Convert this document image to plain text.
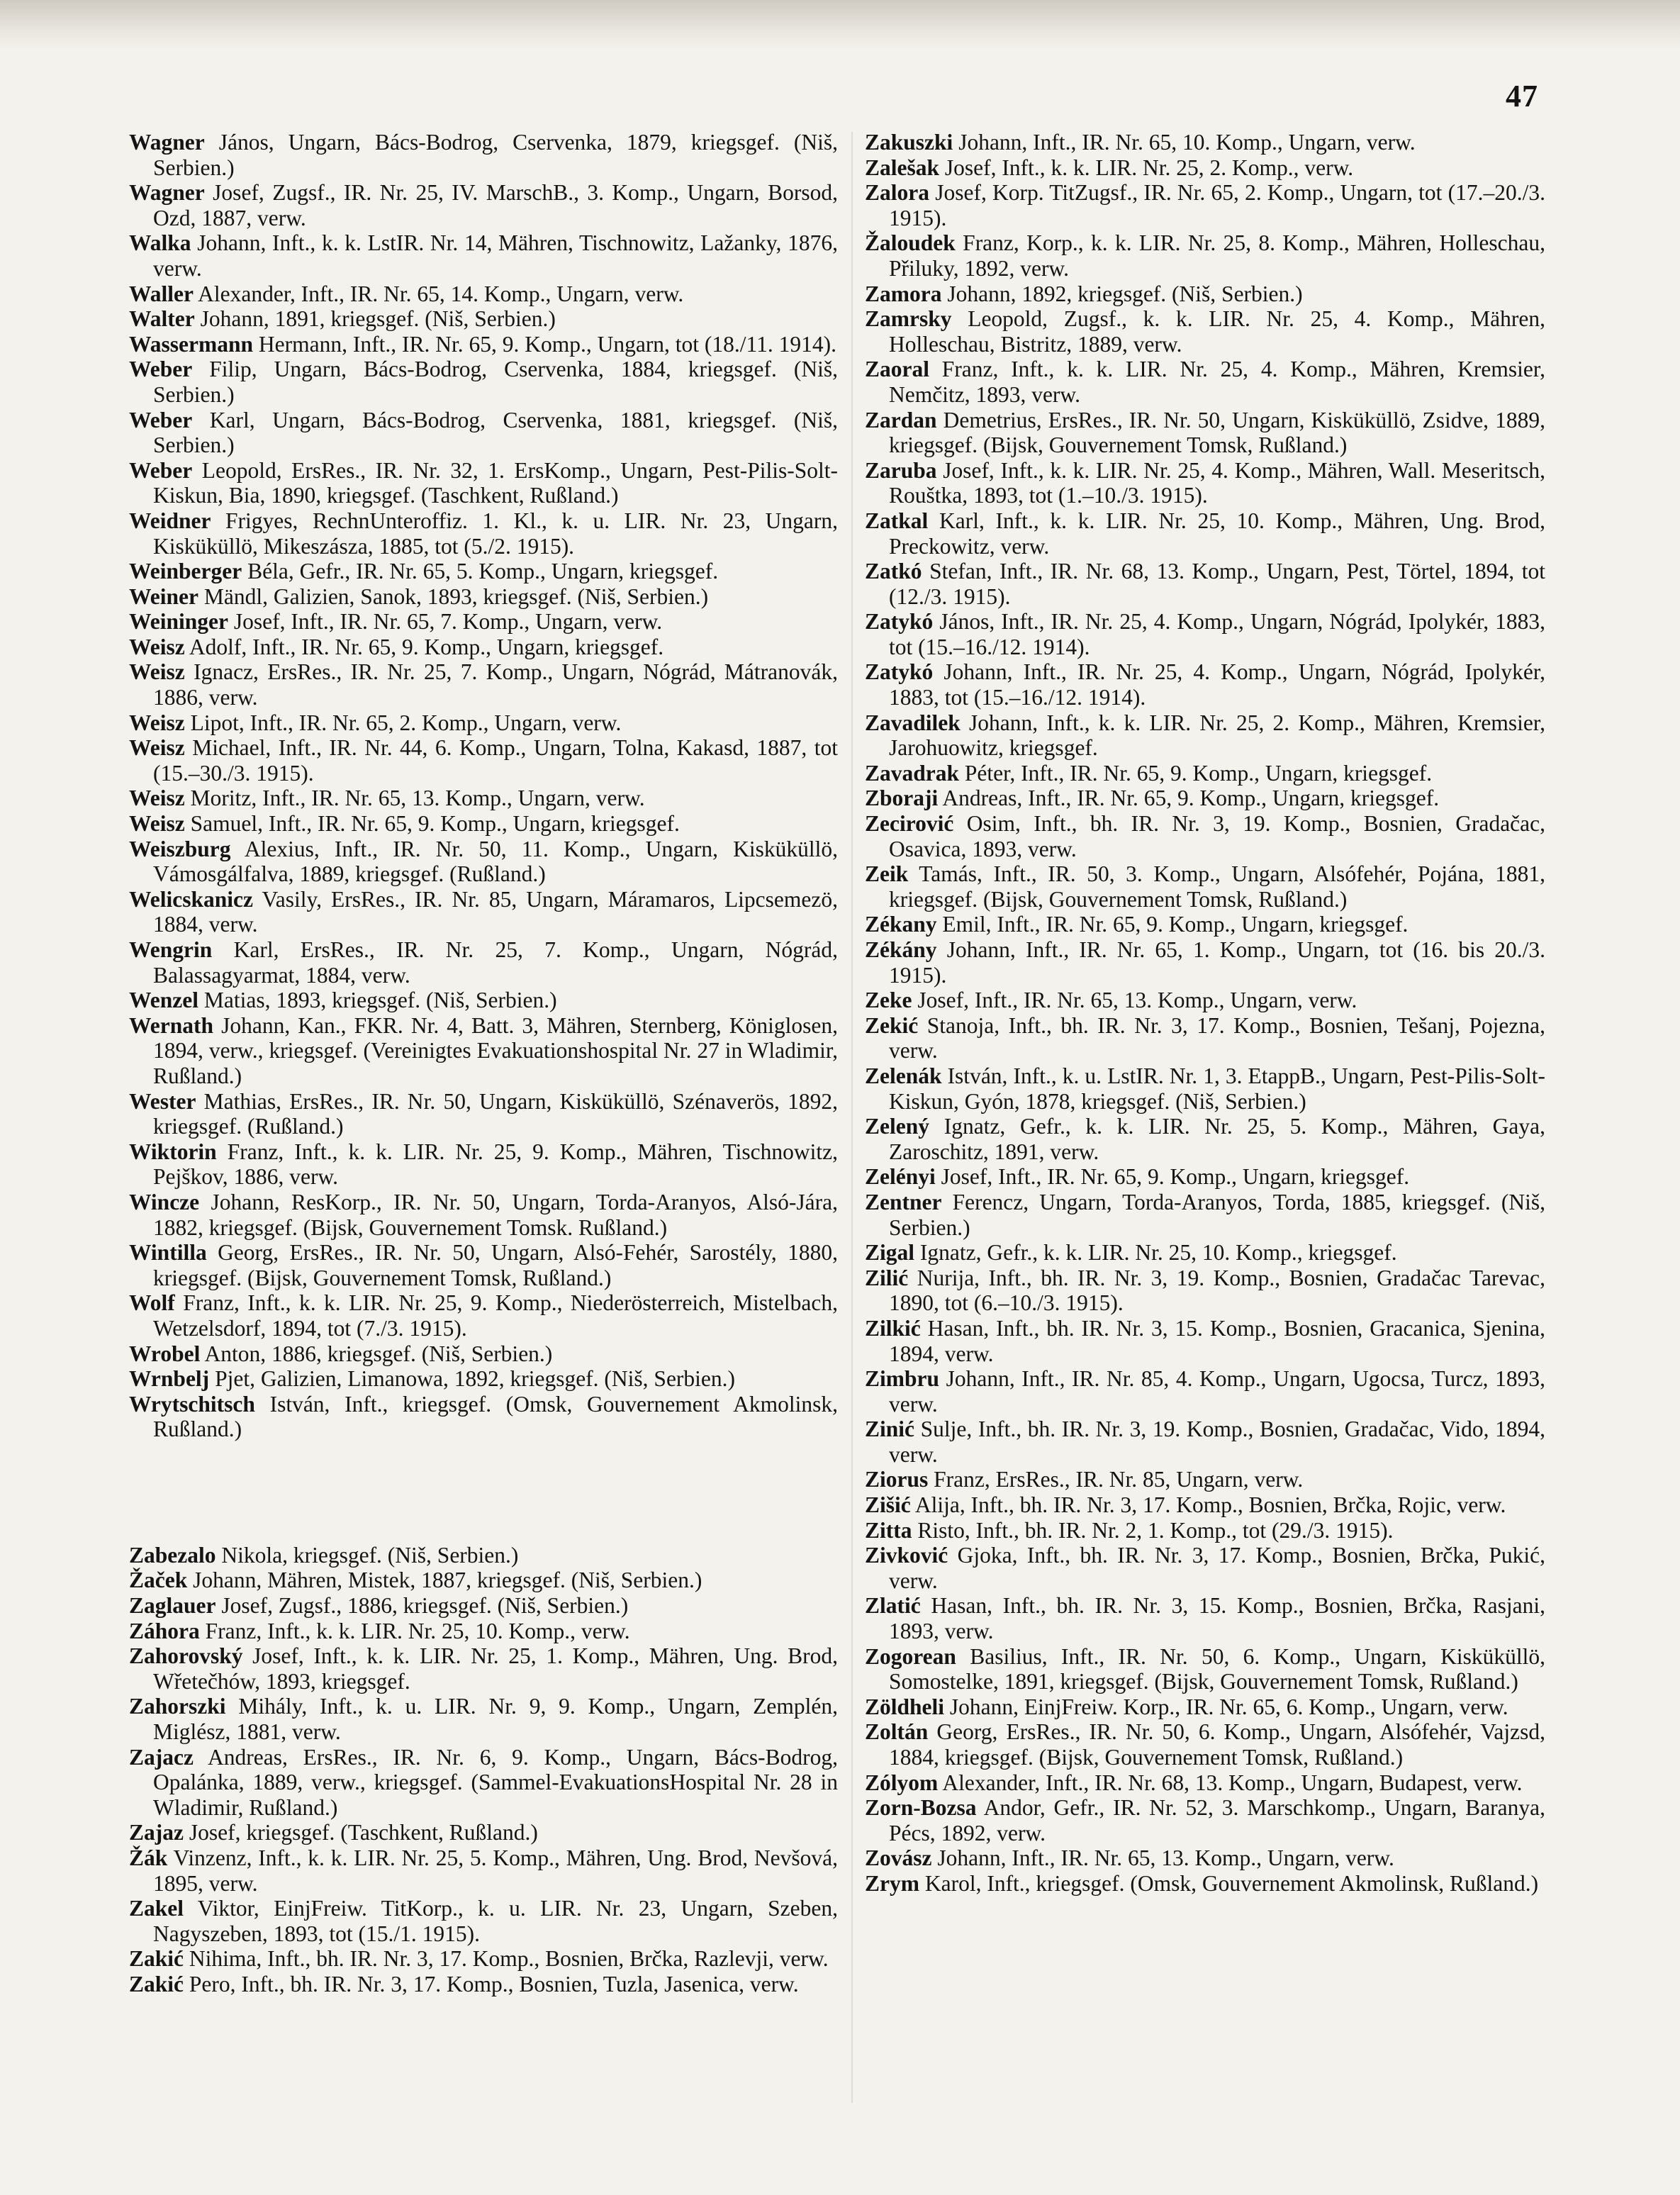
47
Wagner János, Ungarn, Bács-Bodrog, Cservenka, 1879, kriegsgef. (Niš, Serbien.)
Wagner Josef, Zugsf., IR. Nr. 25, IV. MarschB., 3. Komp., Ungarn, Borsod, Ozd, 1887, verw.
Walka Johann, Inft., k. k. LstIR. Nr. 14, Mähren, Tischnowitz, Lažanky, 1876, verw.
Waller Alexander, Inft., IR. Nr. 65, 14. Komp., Ungarn, verw.
Walter Johann, 1891, kriegsgef. (Niš, Serbien.)
Wassermann Hermann, Inft., IR. Nr. 65, 9. Komp., Ungarn, tot (18./11. 1914).
Weber Filip, Ungarn, Bács-Bodrog, Cservenka, 1884, kriegsgef. (Niš, Serbien.)
Weber Karl, Ungarn, Bács-Bodrog, Cservenka, 1881, kriegsgef. (Niš, Serbien.)
Weber Leopold, ErsRes., IR. Nr. 32, 1. ErsKomp., Ungarn, Pest-Pilis-Solt-Kiskun, Bia, 1890, kriegsgef. (Taschkent, Rußland.)
Weidner Frigyes, RechnUnteroffiz. 1. Kl., k. u. LIR. Nr. 23, Ungarn, Kisküküllö, Mikeszásza, 1885, tot (5./2. 1915).
Weinberger Béla, Gefr., IR. Nr. 65, 5. Komp., Ungarn, kriegsgef.
Weiner Mändl, Galizien, Sanok, 1893, kriegsgef. (Niš, Serbien.)
Weininger Josef, Inft., IR. Nr. 65, 7. Komp., Ungarn, verw.
Weisz Adolf, Inft., IR. Nr. 65, 9. Komp., Ungarn, kriegsgef.
Weisz Ignacz, ErsRes., IR. Nr. 25, 7. Komp., Ungarn, Nógrád, Mátranovák, 1886, verw.
Weisz Lipot, Inft., IR. Nr. 65, 2. Komp., Ungarn, verw.
Weisz Michael, Inft., IR. Nr. 44, 6. Komp., Ungarn, Tolna, Kakasd, 1887, tot (15.–30./3. 1915).
Weisz Moritz, Inft., IR. Nr. 65, 13. Komp., Ungarn, verw.
Weisz Samuel, Inft., IR. Nr. 65, 9. Komp., Ungarn, kriegsgef.
Weiszburg Alexius, Inft., IR. Nr. 50, 11. Komp., Ungarn, Kisküküllö, Vámosgálfalva, 1889, kriegsgef. (Rußland.)
Welicskanicz Vasily, ErsRes., IR. Nr. 85, Ungarn, Máramaros, Lipcsemezö, 1884, verw.
Wengrin Karl, ErsRes., IR. Nr. 25, 7. Komp., Ungarn, Nógrád, Balassagyarmat, 1884, verw.
Wenzel Matias, 1893, kriegsgef. (Niš, Serbien.)
Wernath Johann, Kan., FKR. Nr. 4, Batt. 3, Mähren, Sternberg, Königlosen, 1894, verw., kriegsgef. (Vereinigtes Evakuationshospital Nr. 27 in Wladimir, Rußland.)
Wester Mathias, ErsRes., IR. Nr. 50, Ungarn, Kisküküllö, Szénaverös, 1892, kriegsgef. (Rußland.)
Wiktorin Franz, Inft., k. k. LIR. Nr. 25, 9. Komp., Mähren, Tischnowitz, Pejškov, 1886, verw.
Wincze Johann, ResKorp., IR. Nr. 50, Ungarn, Torda-Aranyos, Alsó-Jára, 1882, kriegsgef. (Bijsk, Gouvernement Tomsk. Rußland.)
Wintilla Georg, ErsRes., IR. Nr. 50, Ungarn, Alsó-Fehér, Sarostély, 1880, kriegsgef. (Bijsk, Gouvernement Tomsk, Rußland.)
Wolf Franz, Inft., k. k. LIR. Nr. 25, 9. Komp., Niederösterreich, Mistelbach, Wetzelsdorf, 1894, tot (7./3. 1915).
Wrobel Anton, 1886, kriegsgef. (Niš, Serbien.)
Wrnbelj Pjet, Galizien, Limanowa, 1892, kriegsgef. (Niš, Serbien.)
Wrytschitsch István, Inft., kriegsgef. (Omsk, Gouvernement Akmolinsk, Rußland.)
Zabezalo Nikola, kriegsgef. (Niš, Serbien.)
Žaček Johann, Mähren, Mistek, 1887, kriegsgef. (Niš, Serbien.)
Zaglauer Josef, Zugsf., 1886, kriegsgef. (Niš, Serbien.)
Záhora Franz, Inft., k. k. LIR. Nr. 25, 10. Komp., verw.
Zahorovský Josef, Inft., k. k. LIR. Nr. 25, 1. Komp., Mähren, Ung. Brod, Wřetečhów, 1893, kriegsgef.
Zahorszki Mihály, Inft., k. u. LIR. Nr. 9, 9. Komp., Ungarn, Zemplén, Miglész, 1881, verw.
Zajacz Andreas, ErsRes., IR. Nr. 6, 9. Komp., Ungarn, Bács-Bodrog, Opalánka, 1889, verw., kriegsgef. (Sammel-EvakuationsHospital Nr. 28 in Wladimir, Rußland.)
Zajaz Josef, kriegsgef. (Taschkent, Rußland.)
Žák Vinzenz, Inft., k. k. LIR. Nr. 25, 5. Komp., Mähren, Ung. Brod, Nevšová, 1895, verw.
Zakel Viktor, EinjFreiw. TitKorp., k. u. LIR. Nr. 23, Ungarn, Szeben, Nagyszeben, 1893, tot (15./1. 1915).
Zakić Nihima, Inft., bh. IR. Nr. 3, 17. Komp., Bosnien, Brčka, Razlevji, verw.
Zakić Pero, Inft., bh. IR. Nr. 3, 17. Komp., Bosnien, Tuzla, Jasenica, verw.
Zakuszki Johann, Inft., IR. Nr. 65, 10. Komp., Ungarn, verw.
Zalešak Josef, Inft., k. k. LIR. Nr. 25, 2. Komp., verw.
Zalora Josef, Korp. TitZugsf., IR. Nr. 65, 2. Komp., Ungarn, tot (17.–20./3. 1915).
Žaloudek Franz, Korp., k. k. LIR. Nr. 25, 8. Komp., Mähren, Holleschau, Přiluky, 1892, verw.
Zamora Johann, 1892, kriegsgef. (Niš, Serbien.)
Zamrsky Leopold, Zugsf., k. k. LIR. Nr. 25, 4. Komp., Mähren, Holleschau, Bistritz, 1889, verw.
Zaoral Franz, Inft., k. k. LIR. Nr. 25, 4. Komp., Mähren, Kremsier, Nemčitz, 1893, verw.
Zardan Demetrius, ErsRes., IR. Nr. 50, Ungarn, Kisküküllö, Zsidve, 1889, kriegsgef. (Bijsk, Gouvernement Tomsk, Rußland.)
Zaruba Josef, Inft., k. k. LIR. Nr. 25, 4. Komp., Mähren, Wall. Meseritsch, Rouštka, 1893, tot (1.–10./3. 1915).
Zatkal Karl, Inft., k. k. LIR. Nr. 25, 10. Komp., Mähren, Ung. Brod, Preckowitz, verw.
Zatkó Stefan, Inft., IR. Nr. 68, 13. Komp., Ungarn, Pest, Törtel, 1894, tot (12./3. 1915).
Zatykó János, Inft., IR. Nr. 25, 4. Komp., Ungarn, Nógrád, Ipolykér, 1883, tot (15.–16./12. 1914).
Zatykó Johann, Inft., IR. Nr. 25, 4. Komp., Ungarn, Nógrád, Ipolykér, 1883, tot (15.–16./12. 1914).
Zavadilek Johann, Inft., k. k. LIR. Nr. 25, 2. Komp., Mähren, Kremsier, Jarohuowitz, kriegsgef.
Zavadrak Péter, Inft., IR. Nr. 65, 9. Komp., Ungarn, kriegsgef.
Zboraji Andreas, Inft., IR. Nr. 65, 9. Komp., Ungarn, kriegsgef.
Zecirović Osim, Inft., bh. IR. Nr. 3, 19. Komp., Bosnien, Gradačac, Osavica, 1893, verw.
Zeik Tamás, Inft., IR. 50, 3. Komp., Ungarn, Alsófehér, Pojána, 1881, kriegsgef. (Bijsk, Gouvernement Tomsk, Rußland.)
Zékany Emil, Inft., IR. Nr. 65, 9. Komp., Ungarn, kriegsgef.
Zékány Johann, Inft., IR. Nr. 65, 1. Komp., Ungarn, tot (16. bis 20./3. 1915).
Zeke Josef, Inft., IR. Nr. 65, 13. Komp., Ungarn, verw.
Zekić Stanoja, Inft., bh. IR. Nr. 3, 17. Komp., Bosnien, Tešanj, Pojezna, verw.
Zelenák István, Inft., k. u. LstIR. Nr. 1, 3. EtappB., Ungarn, Pest-Pilis-Solt-Kiskun, Gyón, 1878, kriegsgef. (Niš, Serbien.)
Zelený Ignatz, Gefr., k. k. LIR. Nr. 25, 5. Komp., Mähren, Gaya, Zaroschitz, 1891, verw.
Zelényi Josef, Inft., IR. Nr. 65, 9. Komp., Ungarn, kriegsgef.
Zentner Ferencz, Ungarn, Torda-Aranyos, Torda, 1885, kriegsgef. (Niš, Serbien.)
Zigal Ignatz, Gefr., k. k. LIR. Nr. 25, 10. Komp., kriegsgef.
Zilić Nurija, Inft., bh. IR. Nr. 3, 19. Komp., Bosnien, Gradačac Tarevac, 1890, tot (6.–10./3. 1915).
Zilkić Hasan, Inft., bh. IR. Nr. 3, 15. Komp., Bosnien, Gracanica, Sjenina, 1894, verw.
Zimbru Johann, Inft., IR. Nr. 85, 4. Komp., Ungarn, Ugocsa, Turcz, 1893, verw.
Zinić Sulje, Inft., bh. IR. Nr. 3, 19. Komp., Bosnien, Gradačac, Vido, 1894, verw.
Ziorus Franz, ErsRes., IR. Nr. 85, Ungarn, verw.
Zišić Alija, Inft., bh. IR. Nr. 3, 17. Komp., Bosnien, Brčka, Rojic, verw.
Zitta Risto, Inft., bh. IR. Nr. 2, 1. Komp., tot (29./3. 1915).
Zivković Gjoka, Inft., bh. IR. Nr. 3, 17. Komp., Bosnien, Brčka, Pukić, verw.
Zlatić Hasan, Inft., bh. IR. Nr. 3, 15. Komp., Bosnien, Brčka, Rasjani, 1893, verw.
Zogorean Basilius, Inft., IR. Nr. 50, 6. Komp., Ungarn, Kisküküllö, Somostelke, 1891, kriegsgef. (Bijsk, Gouvernement Tomsk, Rußland.)
Zöldheli Johann, EinjFreiw. Korp., IR. Nr. 65, 6. Komp., Ungarn, verw.
Zoltán Georg, ErsRes., IR. Nr. 50, 6. Komp., Ungarn, Alsófehér, Vajzsd, 1884, kriegsgef. (Bijsk, Gouvernement Tomsk, Rußland.)
Zólyom Alexander, Inft., IR. Nr. 68, 13. Komp., Ungarn, Budapest, verw.
Zorn-Bozsa Andor, Gefr., IR. Nr. 52, 3. Marschkomp., Ungarn, Baranya, Pécs, 1892, verw.
Zovász Johann, Inft., IR. Nr. 65, 13. Komp., Ungarn, verw.
Zrym Karol, Inft., kriegsgef. (Omsk, Gouvernement Akmolinsk, Rußland.)
